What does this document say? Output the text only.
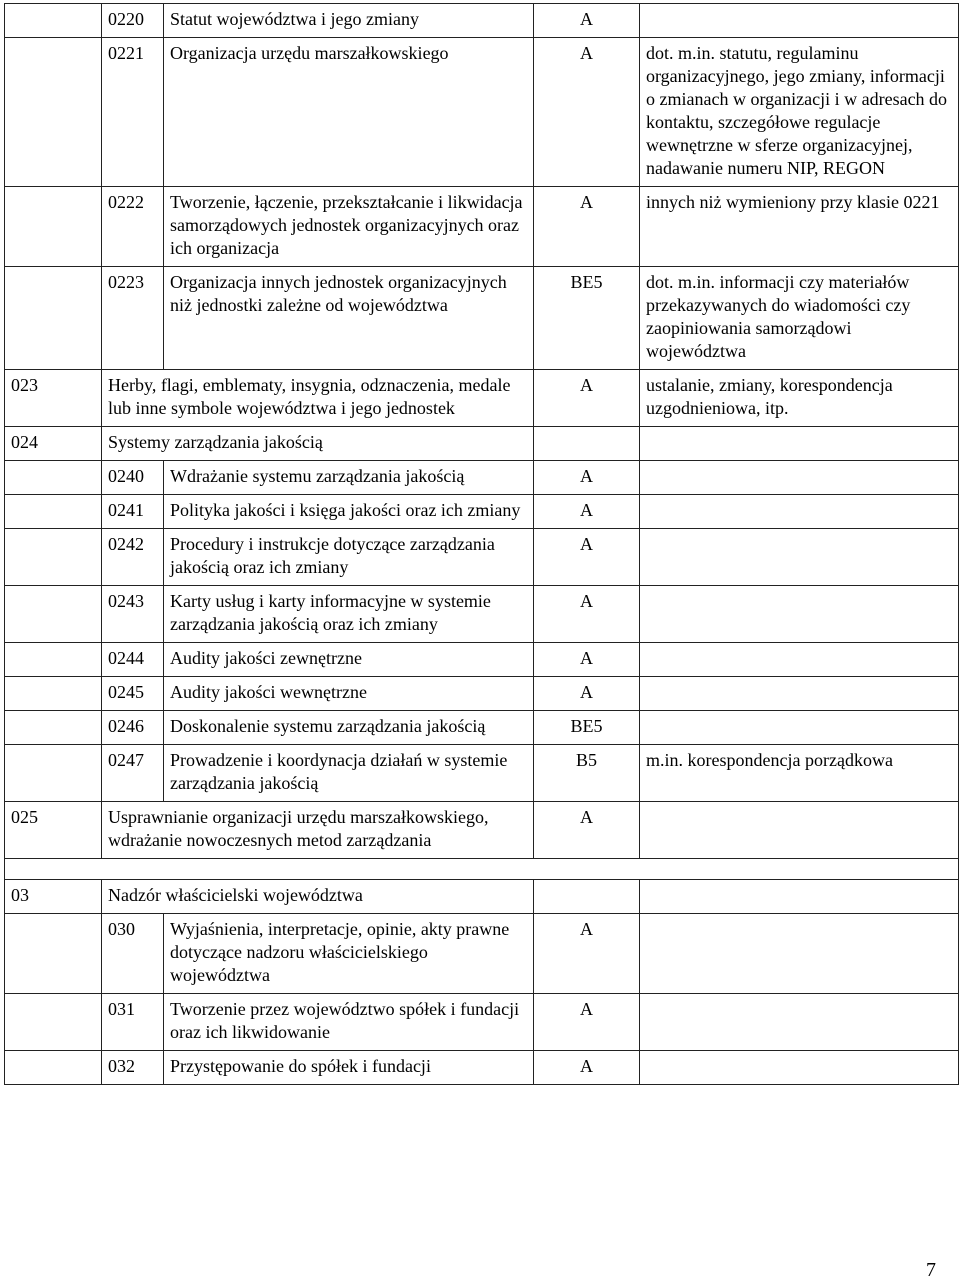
	0220	Statut województwa i jego zmiany	A	
	0221	Organizacja urzędu marszałkowskiego	A	dot. m.in. statutu, regulaminu organizacyjnego, jego zmiany, informacji o zmianach w organizacji i w adresach do kontaktu, szczegółowe regulacje wewnętrzne w sferze organizacyjnej, nadawanie numeru NIP, REGON
	0222	Tworzenie, łączenie, przekształcanie i likwidacja samorządowych jednostek organizacyjnych oraz ich organizacja	A	innych niż wymieniony przy klasie 0221
	0223	Organizacja innych jednostek organizacyjnych niż jednostki zależne od województwa	BE5	dot. m.in. informacji czy materiałów przekazywanych do wiadomości czy zaopiniowania samorządowi województwa
023	Herby, flagi, emblematy, insygnia, odznaczenia, medale lub inne symbole województwa i jego jednostek		A	ustalanie, zmiany, korespondencja uzgodnieniowa, itp.
024	Systemy zarządzania jakością			
	0240	Wdrażanie systemu zarządzania jakością	A	
	0241	Polityka jakości i księga jakości oraz ich zmiany	A	
	0242	Procedury i instrukcje dotyczące zarządzania jakością oraz ich zmiany	A	
	0243	Karty usług i karty informacyjne w systemie zarządzania jakością oraz ich zmiany	A	
	0244	Audity jakości zewnętrzne	A	
	0245	Audity jakości wewnętrzne	A	
	0246	Doskonalenie systemu zarządzania jakością	BE5	
	0247	Prowadzenie i koordynacja działań w systemie zarządzania jakością	B5	m.in. korespondencja porządkowa
025	Usprawnianie organizacji urzędu marszałkowskiego, wdrażanie nowoczesnych metod zarządzania		A	

03	Nadzór właścicielski województwa			
	030	Wyjaśnienia, interpretacje, opinie, akty prawne dotyczące nadzoru właścicielskiego województwa	A	
	031	Tworzenie przez województwo spółek i fundacji oraz ich likwidowanie	A	
	032	Przystępowanie do spółek i fundacji	A	
7
